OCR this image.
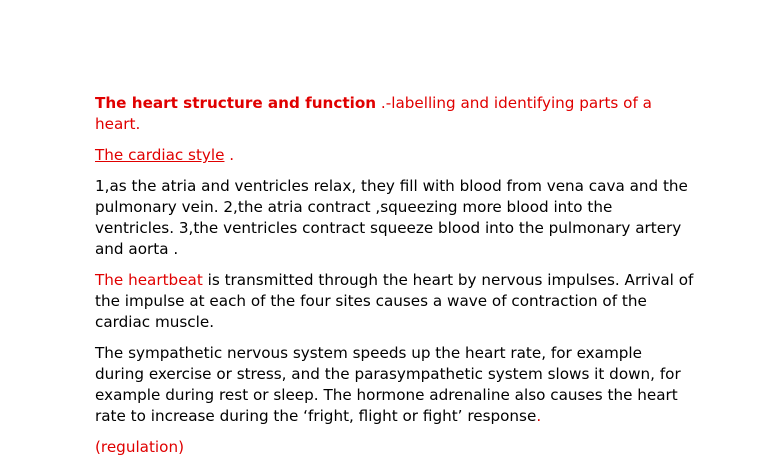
The heart structure and function .-labelling and identifying parts of a heart.

The cardiac style .

1,as the atria and ventricles relax, they fill with blood from vena cava and the pulmonary vein. 2,the atria contract ,squeezing more blood into the ventricles. 3,the ventricles contract squeeze blood into the pulmonary artery and aorta .

The heartbeat is transmitted through the heart by nervous impulses. Arrival of the impulse at each of the four sites causes a wave of contraction of the cardiac muscle.

The sympathetic nervous system speeds up the heart rate, for example during exercise or stress, and the parasympathetic system slows it down, for example during rest or sleep. The hormone adrenaline also causes the heart rate to increase during the ‘fright, flight or fight’ response.

(regulation)
